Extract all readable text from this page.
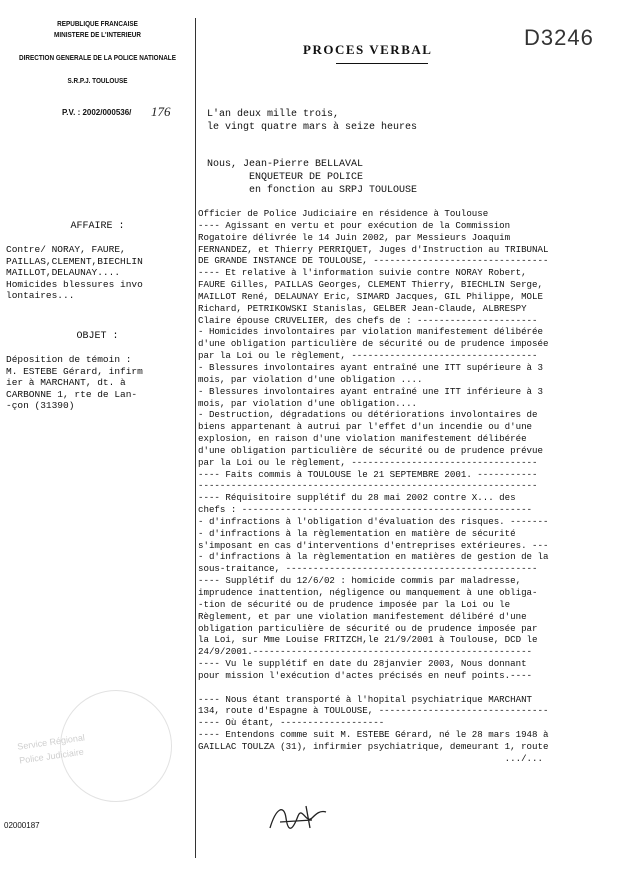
REPUBLIQUE FRANCAISE
MINISTERE DE L'INTERIEUR
DIRECTION GENERALE DE LA POLICE NATIONALE
S.R.P.J. TOULOUSE
P.V. : 2002/000536/ 176
PROCES VERBAL	D3246
L'an deux mille trois,
le vingt quatre mars à seize heures
Nous, Jean-Pierre BELLAVAL
ENQUETEUR DE POLICE
en fonction au SRPJ TOULOUSE
AFFAIRE :
Contre/ NORAY, FAURE,
PAILLAS,CLEMENT,BIECHLIN
MAILLOT,DELAUNAY....
Homicides blessures invo
lontaires...
OBJET :
Déposition de témoin :
M. ESTEBE Gérard, infirm
ier à MARCHANT, dt. à
CARBONNE 1, rte de Lan-
-çon (31390)
Officier de Police Judiciaire en résidence à Toulouse
---- Agissant en vertu et pour exécution de la Commission
Rogatoire délivrée le 14 Juin 2002, par Messieurs Joaquim
FERNANDEZ, et Thierry PERRIQUET, Juges d'Instruction au TRIBUNAL
DE GRANDE INSTANCE DE TOULOUSE, --------------------------------
---- Et relative à l'information suivie contre NORAY Robert,
FAURE Gilles, PAILLAS Georges, CLEMENT Thierry, BIECHLIN Serge,
MAILLOT René, DELAUNAY Eric, SIMARD Jacques, GIL Philippe, MOLE
Richard, PETRIKOWSKI Stanislas, GELBER Jean-Claude, ALBRESPY
Claire épouse CRUVELIER, des chefs de : ----------------------
- Homicides involontaires par violation manifestement délibérée
d'une obligation particulière de sécurité ou de prudence imposée
par la Loi ou le règlement, ----------------------------------
- Blessures involontaires ayant entraîné une ITT supérieure à 3
mois, par violation d'une obligation ....
- Blessures involontaires ayant entraîné une ITT inférieure à 3
mois, par violation d'une obligation....
- Destruction, dégradations ou détériorations involontaires de
biens appartenant à autrui par l'effet d'un incendie ou d'une
explosion, en raison d'une violation manifestement délibérée
d'une obligation particulière de sécurité ou de prudence prévue
par la Loi ou le règlement, ----------------------------------
---- Faits commis à TOULOUSE le 21 SEPTEMBRE 2001. -----------
--------------------------------------------------------------
---- Réquisitoire supplétif du 28 mai 2002 contre X... des
chefs : -----------------------------------------------------
- d'infractions à l'obligation d'évaluation des risques. -------
- d'infractions à la règlementation en matière de sécurité
s'imposant en cas d'interventions d'entreprises extérieures. ---
- d'infractions à la règlementation en matières de gestion de la
sous-traitance, ----------------------------------------------
---- Supplétif du 12/6/02 : homicide commis par maladresse,
imprudence inattention, négligence ou manquement à une obliga-
-tion de sécurité ou de prudence imposée par la Loi ou le
Règlement, et par une violation manifestement délibéré d'une
obligation particulière de sécurité ou de prudence imposée par
la Loi, sur Mme Louise FRITZCH,le 21/9/2001 à Toulouse, DCD le
24/9/2001.---------------------------------------------------
---- Vu le supplétif en date du 28janvier 2003, Nous donnant
pour mission l'exécution d'actes précisés en neuf points.----
---- Nous étant transporté à l'hopital psychiatrique MARCHANT
134, route d'Espagne à TOULOUSE, -------------------------------
---- Où étant, -------------------
---- Entendons comme suit M. ESTEBE Gérard, né le 28 mars 1948 à
GAILLAC TOULZA (31), infirmier psychiatrique, demeurant 1, route
.../...
Service Régional
Police Judiciaire
02000187
